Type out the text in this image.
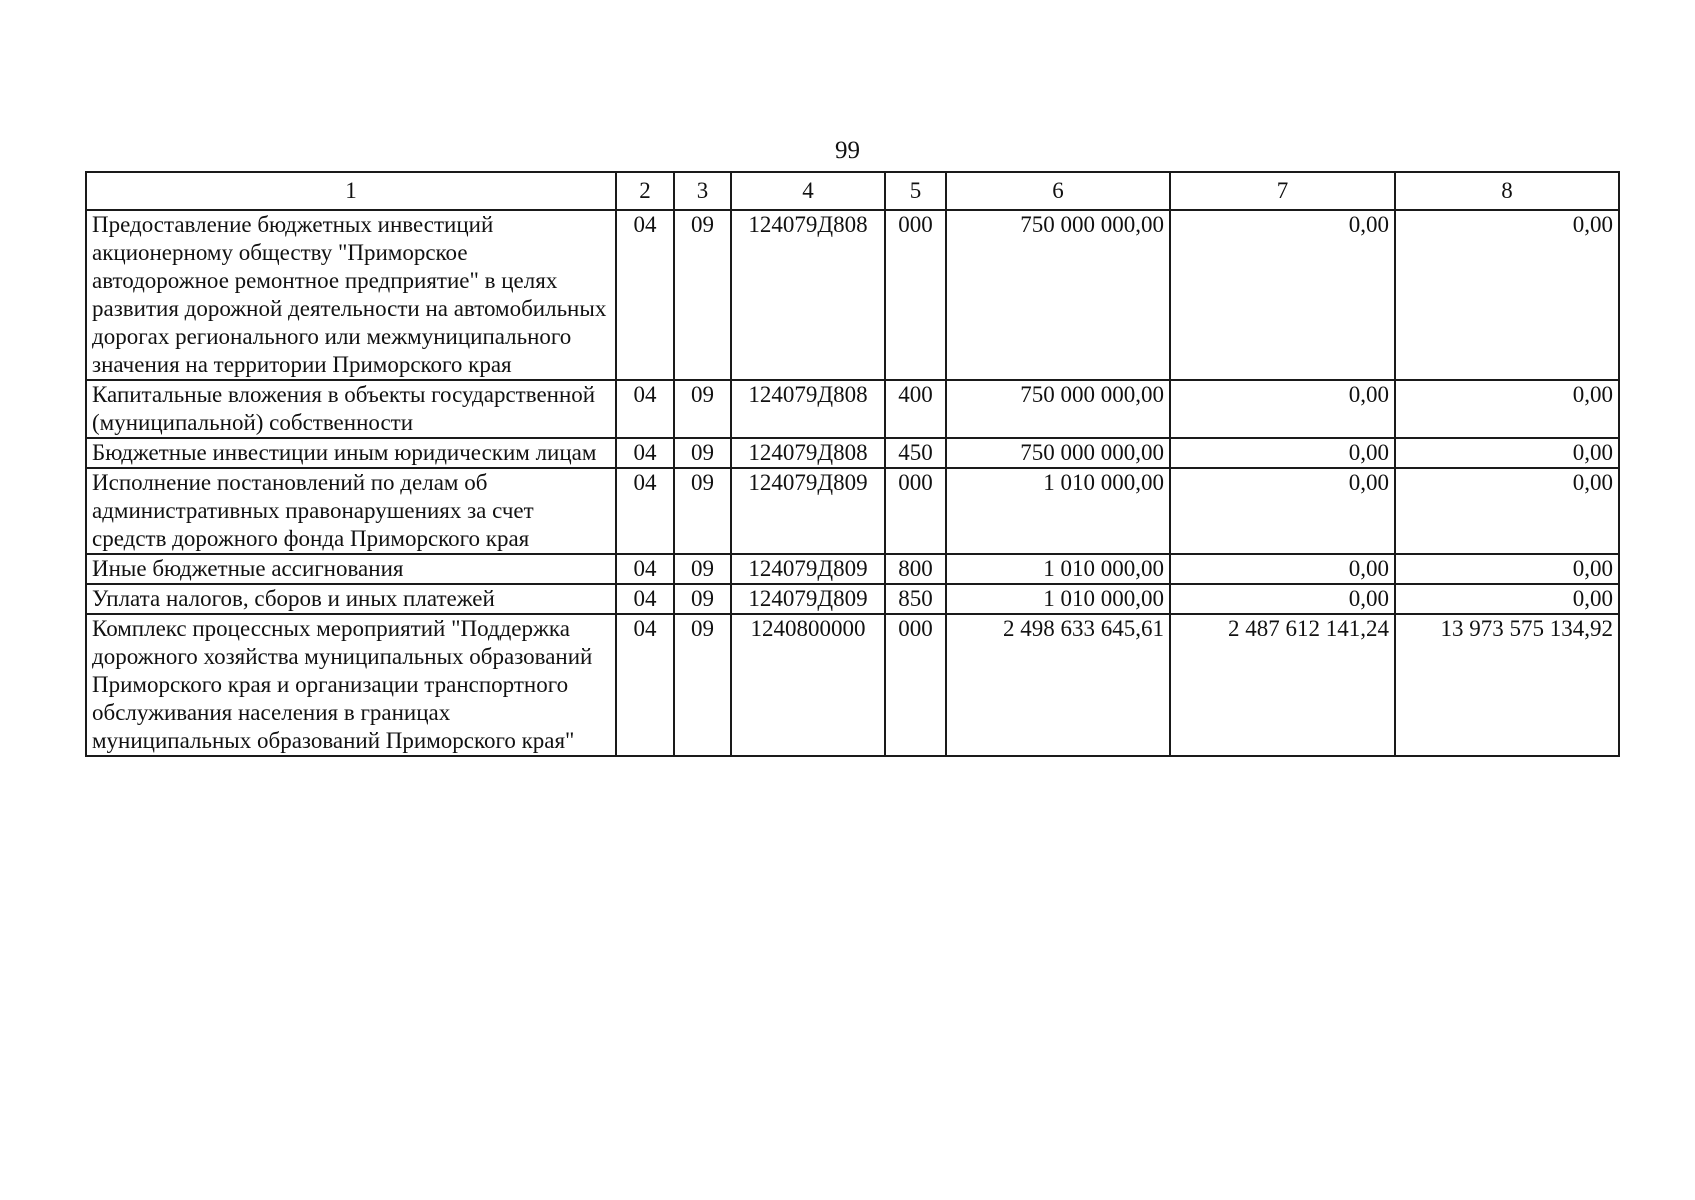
99
1	2	3	4	5	6	7	8
Предоставление бюджетных инвестиций акционерному обществу "Приморское автодорожное ремонтное предприятие" в целях развития дорожной деятельности на автомобильных дорогах регионального или межмуниципального значения на территории Приморского края	04	09	124079Д808	000	750 000 000,00	0,00	0,00
Капитальные вложения в объекты государственной (муниципальной) собственности	04	09	124079Д808	400	750 000 000,00	0,00	0,00
Бюджетные инвестиции иным юридическим лицам	04	09	124079Д808	450	750 000 000,00	0,00	0,00
Исполнение постановлений по делам об административных правонарушениях за счет средств дорожного фонда Приморского края	04	09	124079Д809	000	1 010 000,00	0,00	0,00
Иные бюджетные ассигнования	04	09	124079Д809	800	1 010 000,00	0,00	0,00
Уплата налогов, сборов и иных платежей	04	09	124079Д809	850	1 010 000,00	0,00	0,00
Комплекс процессных мероприятий "Поддержка дорожного хозяйства муниципальных образований Приморского края и организации транспортного обслуживания населения в границах муниципальных образований Приморского края"	04	09	1240800000	000	2 498 633 645,61	2 487 612 141,24	13 973 575 134,92
